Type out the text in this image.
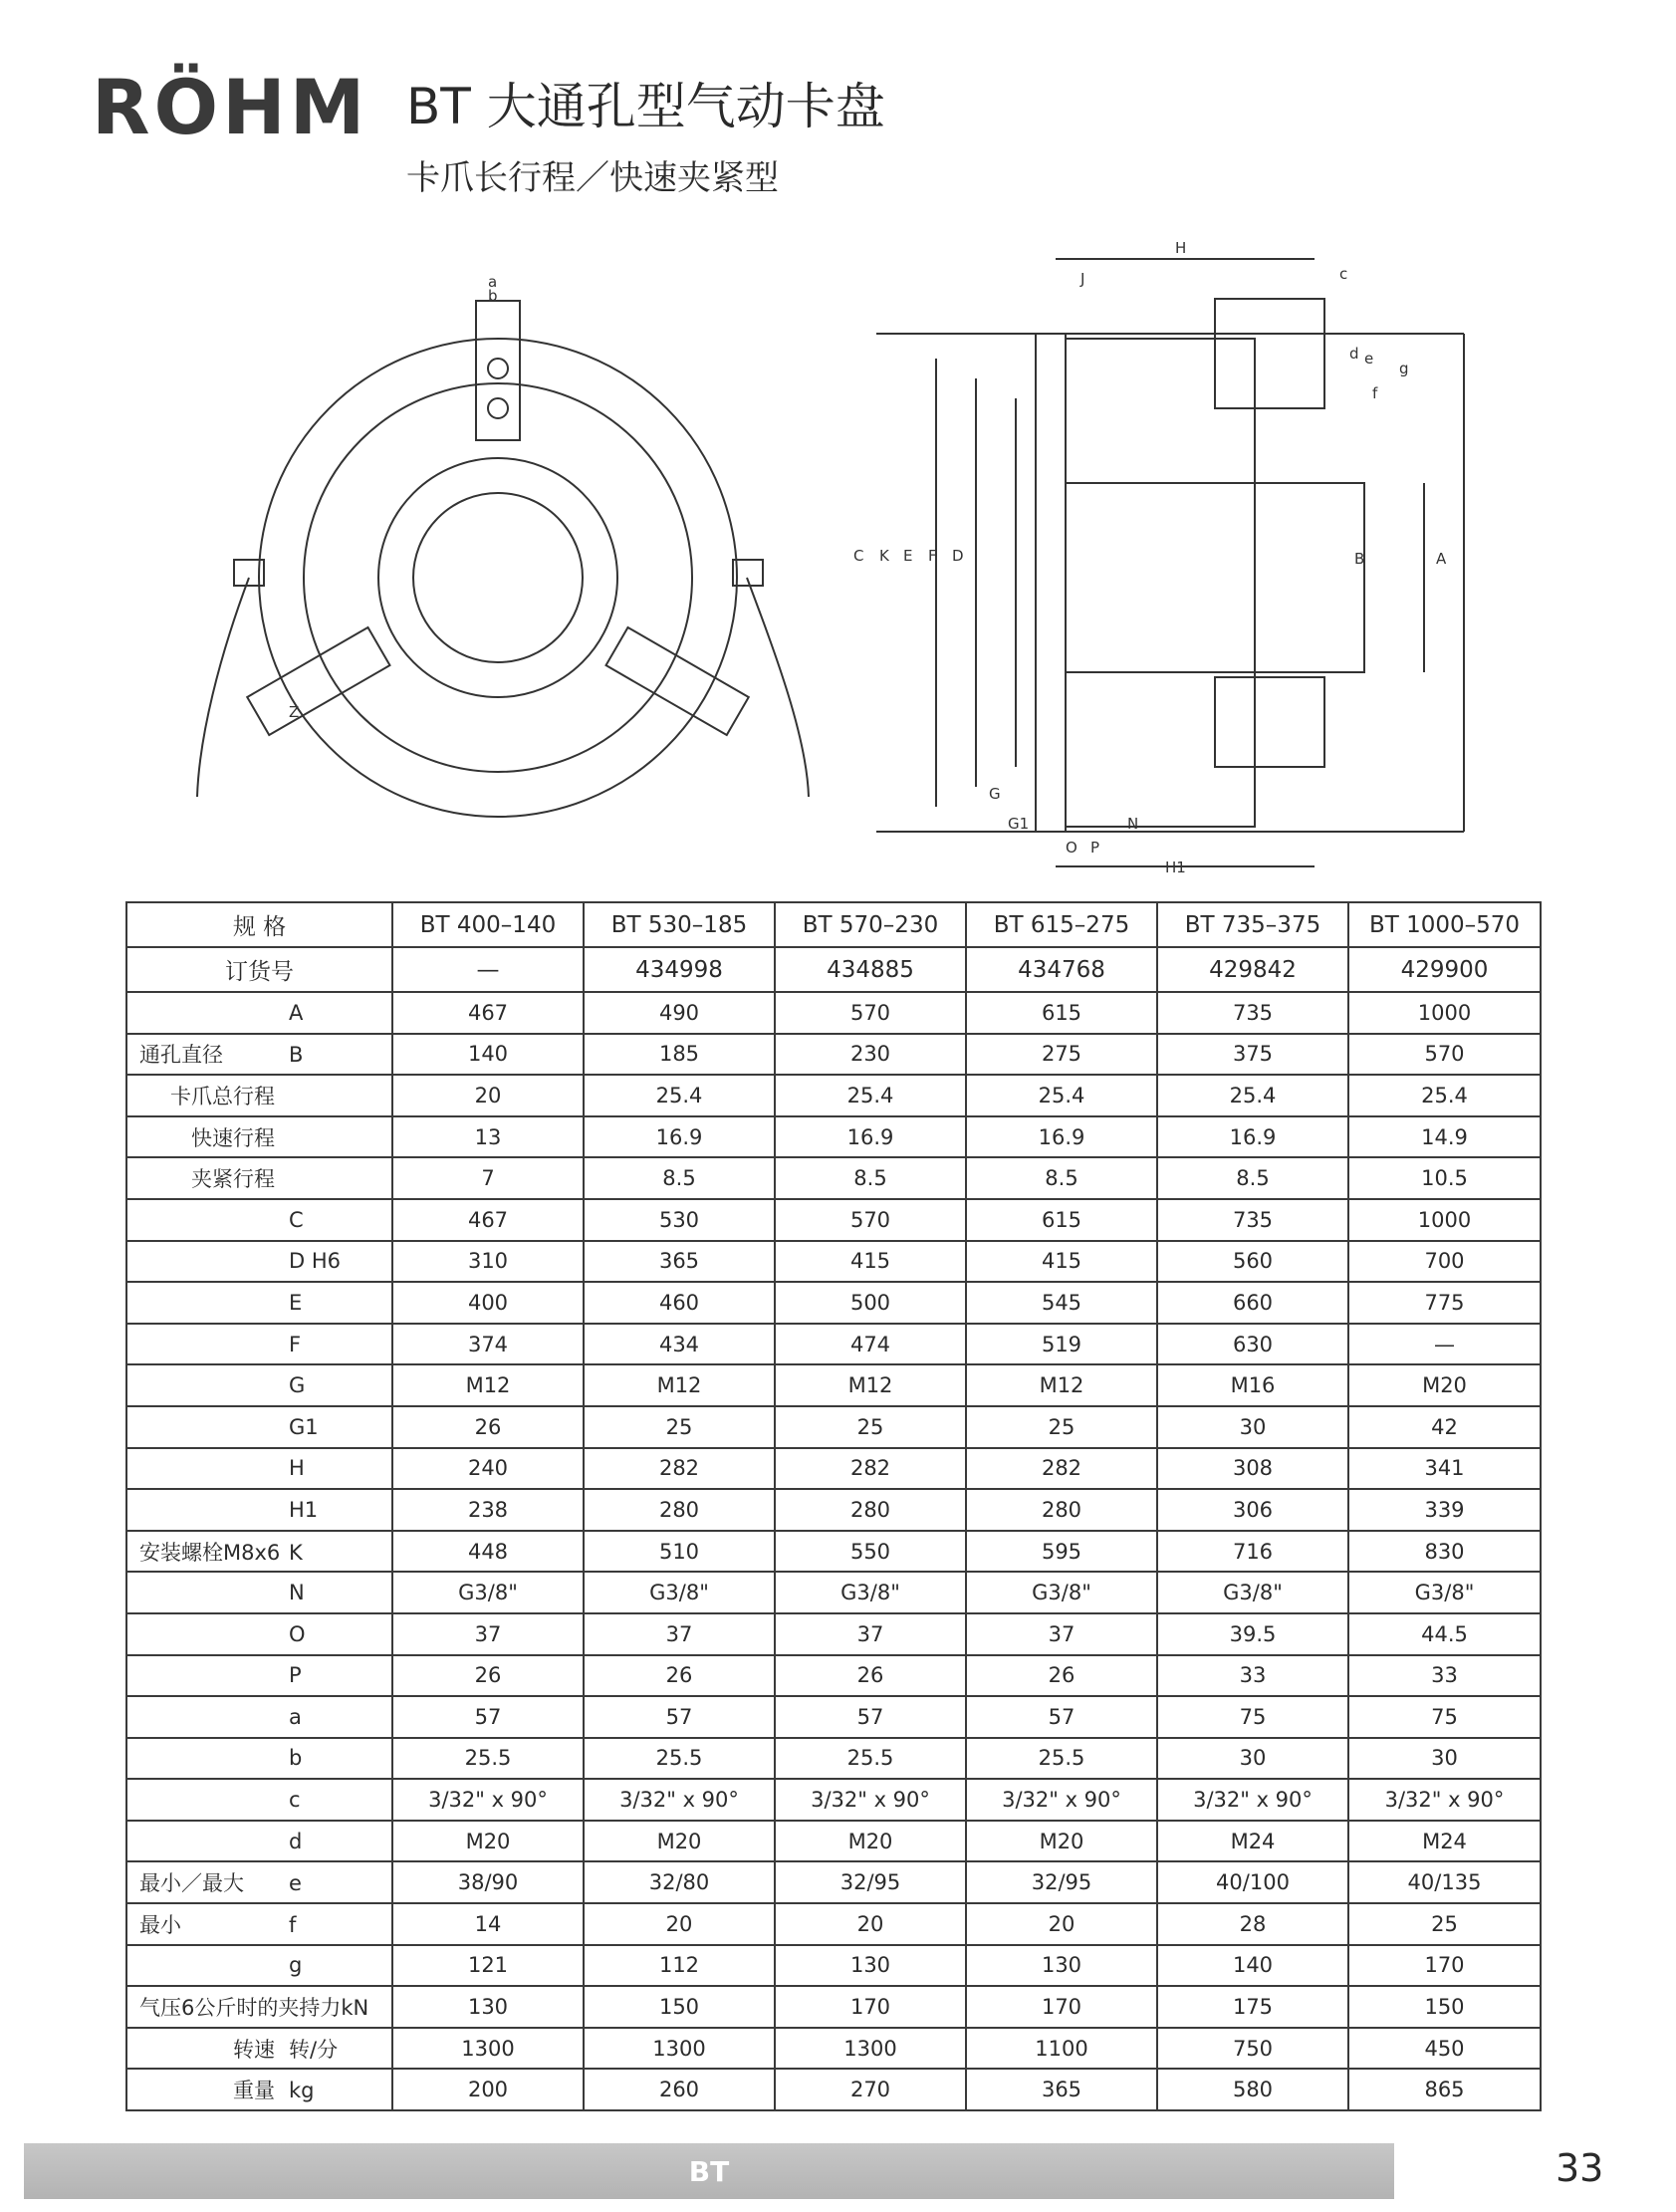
RÖHM BT 大通孔型气动卡盘
卡爪长行程／快速夹紧型
a
b
Z
H
J	c
d e
g
f
C K E F D	B	A
G
G1	N
O P
H1
规 格	BT 400–140	BT 530–185	BT 570–230	BT 615–275	BT 735–375	BT 1000–570
订货号	—	434998	434885	434768	429842	429900
A	467	490	570	615	735	1000
通孔直径 B	140	185	230	275	375	570
卡爪总行程	20	25.4	25.4	25.4	25.4	25.4
快速行程	13	16.9	16.9	16.9	16.9	14.9
夹紧行程	7	8.5	8.5	8.5	8.5	10.5
C	467	530	570	615	735	1000
D H6	310	365	415	415	560	700
E	400	460	500	545	660	775
F	374	434	474	519	630	—
G	M12	M12	M12	M12	M16	M20
G1	26	25	25	25	30	42
H	240	282	282	282	308	341
H1	238	280	280	280	306	339
安装螺栓M8x6 K	448	510	550	595	716	830
N	G3/8"	G3/8"	G3/8"	G3/8"	G3/8"	G3/8"
O	37	37	37	37	39.5	44.5
P	26	26	26	26	33	33
a	57	57	57	57	75	75
b	25.5	25.5	25.5	25.5	30	30
c	3/32" x 90°	3/32" x 90°	3/32" x 90°	3/32" x 90°	3/32" x 90°	3/32" x 90°
d	M20	M20	M20	M20	M24	M24
最小／最大 e	38/90	32/80	32/95	32/95	40/100	40/135
最小 f	14	20	20	20	28	25
g	121	112	130	130	140	170
气压6公斤时的夹持力kN	130	150	170	170	175	150
转速 转/分	1300	1300	1300	1100	750	450
重量 kg	200	260	270	365	580	865
BT	33
